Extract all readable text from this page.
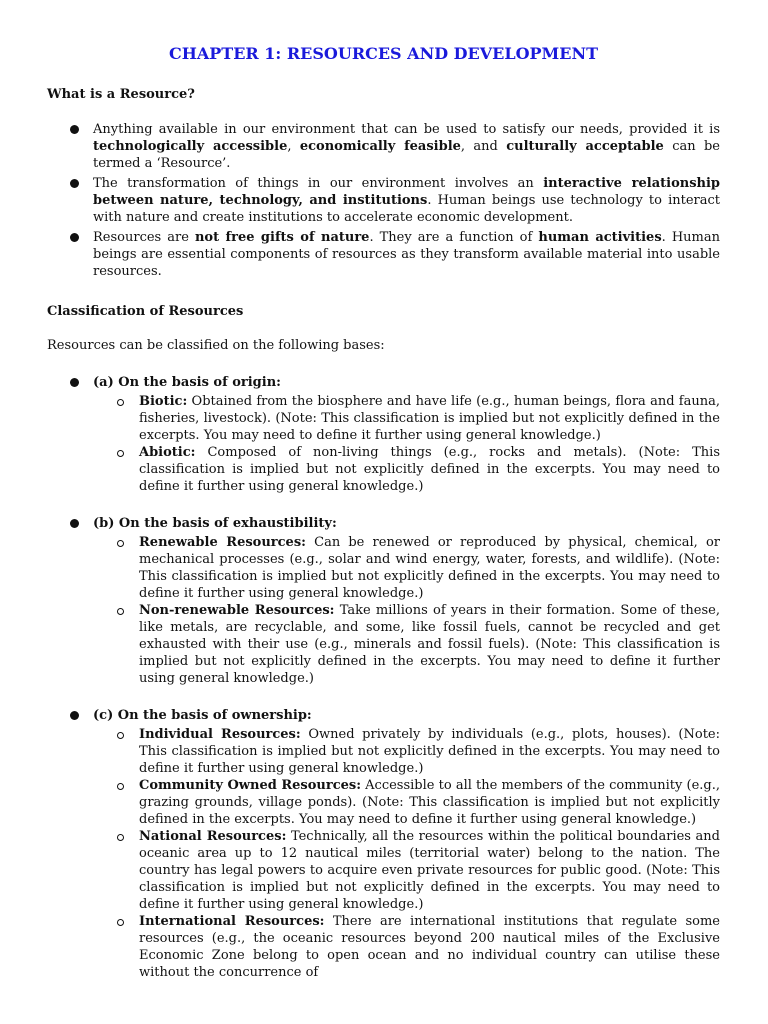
CHAPTER 1: RESOURCES AND DEVELOPMENT

What is a Resource?

Anything available in our environment that can be used to satisfy our needs, provided it is technologically accessible, economically feasible, and culturally acceptable can be termed a ‘Resource’.
The transformation of things in our environment involves an interactive relationship between nature, technology, and institutions. Human beings use technology to interact with nature and create institutions to accelerate economic development.
Resources are not free gifts of nature. They are a function of human activities. Human beings are essential components of resources as they transform available material into usable resources.

Classification of Resources

Resources can be classified on the following bases:

(a) On the basis of origin:
Biotic: Obtained from the biosphere and have life (e.g., human beings, flora and fauna, fisheries, livestock). (Note: This classification is implied but not explicitly defined in the excerpts. You may need to define it further using general knowledge.)
Abiotic: Composed of non-living things (e.g., rocks and metals). (Note: This classification is implied but not explicitly defined in the excerpts. You may need to define it further using general knowledge.)
(b) On the basis of exhaustibility:
Renewable Resources: Can be renewed or reproduced by physical, chemical, or mechanical processes (e.g., solar and wind energy, water, forests, and wildlife). (Note: This classification is implied but not explicitly defined in the excerpts. You may need to define it further using general knowledge.)
Non-renewable Resources: Take millions of years in their formation. Some of these, like metals, are recyclable, and some, like fossil fuels, cannot be recycled and get exhausted with their use (e.g., minerals and fossil fuels). (Note: This classification is implied but not explicitly defined in the excerpts. You may need to define it further using general knowledge.)
(c) On the basis of ownership:
Individual Resources: Owned privately by individuals (e.g., plots, houses). (Note: This classification is implied but not explicitly defined in the excerpts. You may need to define it further using general knowledge.)
Community Owned Resources: Accessible to all the members of the community (e.g., grazing grounds, village ponds). (Note: This classification is implied but not explicitly defined in the excerpts. You may need to define it further using general knowledge.)
National Resources: Technically, all the resources within the political boundaries and oceanic area up to 12 nautical miles (territorial water) belong to the nation. The country has legal powers to acquire even private resources for public good. (Note: This classification is implied but not explicitly defined in the excerpts. You may need to define it further using general knowledge.)
International Resources: There are international institutions that regulate some resources (e.g., the oceanic resources beyond 200 nautical miles of the Exclusive Economic Zone belong to open ocean and no individual country can utilise these without the concurrence of
